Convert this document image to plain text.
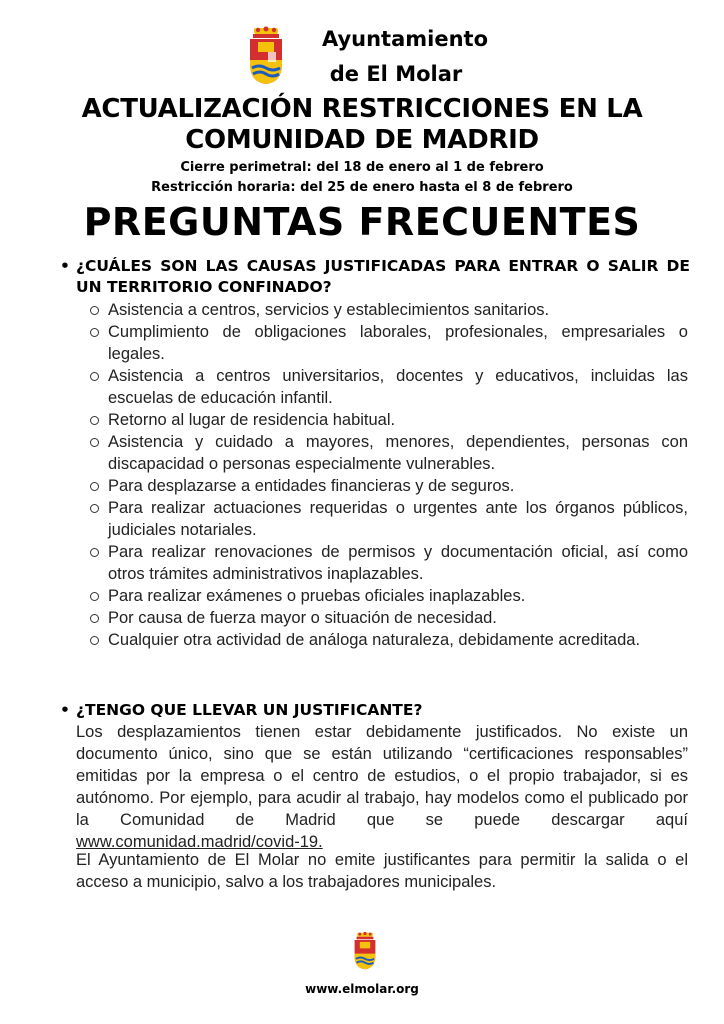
Ayuntamiento
de El Molar
ACTUALIZACIÓN RESTRICCIONES EN LA COMUNIDAD DE MADRID
Cierre perimetral: del 18 de enero al 1 de febrero
Restricción horaria: del 25 de enero hasta el 8 de febrero
PREGUNTAS FRECUENTES
• ¿CUÁLES SON LAS CAUSAS JUSTIFICADAS PARA ENTRAR O SALIR DE UN TERRITORIO CONFINADO?
Asistencia a centros, servicios y establecimientos sanitarios.
Cumplimiento de obligaciones laborales, profesionales, empresariales o legales.
Asistencia a centros universitarios, docentes y educativos, incluidas las escuelas de educación infantil.
Retorno al lugar de residencia habitual.
Asistencia y cuidado a mayores, menores, dependientes, personas con discapacidad o personas especialmente vulnerables.
Para desplazarse a entidades financieras y de seguros.
Para realizar actuaciones requeridas o urgentes ante los órganos públicos, judiciales notariales.
Para realizar renovaciones de permisos y documentación oficial, así como otros trámites administrativos inaplazables.
Para realizar exámenes o pruebas oficiales inaplazables.
Por causa de fuerza mayor o situación de necesidad.
Cualquier otra actividad de análoga naturaleza, debidamente acreditada.
• ¿TENGO QUE LLEVAR UN JUSTIFICANTE?
Los desplazamientos tienen estar debidamente justificados. No existe un documento único, sino que se están utilizando “certificaciones responsables” emitidas por la empresa o el centro de estudios, o el propio trabajador, si es autónomo. Por ejemplo, para acudir al trabajo, hay modelos como el publicado por la Comunidad de Madrid que se puede descargar aquí www.comunidad.madrid/covid-19.
El Ayuntamiento de El Molar no emite justificantes para permitir la salida o el acceso a municipio, salvo a los trabajadores municipales.
www.elmolar.org
